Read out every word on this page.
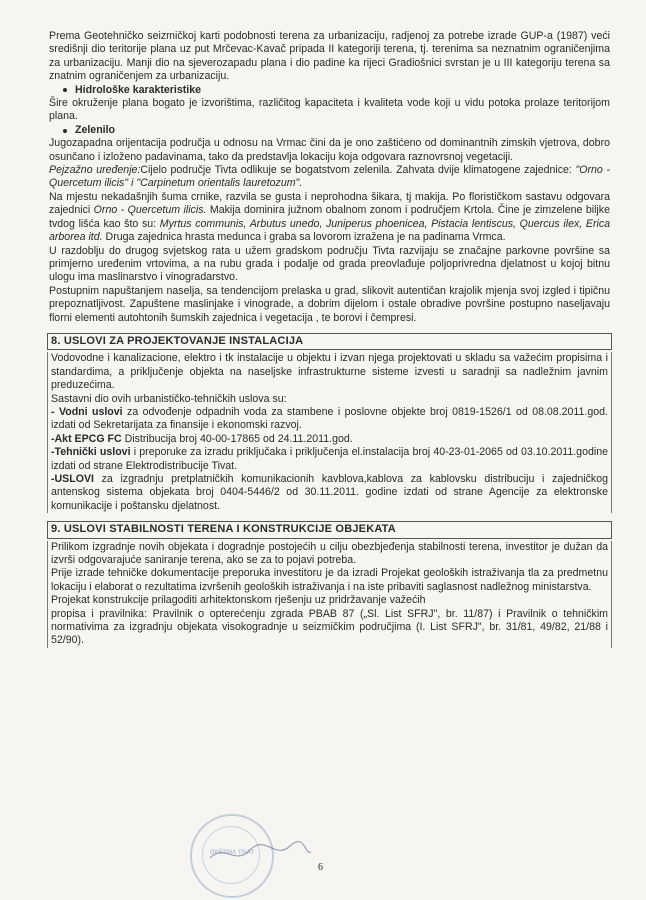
Prema Geotehničko seizmičkoj karti podobnosti terena za urbanizaciju, radjenoj za potrebe izrade GUP-a (1987) veći središnji dio teritorije plana uz put Mrčevac-Kavač pripada II kategoriji terena, tj. terenima sa neznatnim ograničenjima za urbanizaciju. Manji dio na sjeverozapadu plana i dio padine ka rijeci Gradiošnici svrstan je u III kategoriju terena sa znatnim ograničenjem za urbanizaciju.

Hidrološke karakteristike

Šire okruženje plana bogato je izvorištima, različitog kapaciteta i kvaliteta vode koji u vidu potoka prolaze teritorijom plana.

Zelenilo

Jugozapadna orijentacija područja u odnosu na Vrmac čini da je ono zaštićeno od dominantnih zimskih vjetrova, dobro osunčano i izloženo padavinama, tako da predstavlja lokaciju koja odgovara raznovrsnoj vegetaciji.

Pejzažno uređenje:Cijelo područje Tivta odlikuje se bogatstvom zelenila. Zahvata dvije klimatogene zajednice: "Orno - Quercetum ilicis" i "Carpinetum orientalis lauretozum".

Na mjestu nekadašnjih šuma crnike, razvila se gusta i neprohodna šikara, tj makija. Po florističkom sastavu odgovara zajednici Orno - Quercetum ilicis. Makija dominira južnom obalnom zonom i područjem Krtola. Čine je zimzelene biljke tvdog lišća kao što su: Myrtus communis, Arbutus unedo, Juniperus phoenicea, Pistacia lentiscus, Quercus ilex, Erica arborea itd. Druga zajednica hrasta medunca i graba sa lovorom izražena je na padinama Vrmca.

U razdoblju do drugog svjetskog rata u užem gradskom području Tivta razvijaju se značajne parkovne površine sa primjerno uređenim vrtovima, a na rubu grada i podalje od grada preovlađuje poljoprivredna djelatnost u kojoj bitnu ulogu ima maslinarstvo i vinogradarstvo.

Postupnim napuštanjem naselja, sa tendencijom prelaska u grad, slikovit autentičan krajolik mjenja svoj izgled i tipičnu prepoznatljivost. Zapuštene maslinjake i vinograde, a dobrim dijelom i ostale obradive površine postupno naseljavaju florni elementi autohtonih šumskih zajednica i vegetacija , te borovi i čempresi.

8. USLOVI ZA PROJEKTOVANJE INSTALACIJA

Vodovodne i kanalizacione, elektro i tk instalacije u objektu i izvan njega projektovati u skladu sa važećim propisima i standardima, a priključenje objekta na naseljske infrastrukturne sisteme izvesti u saradnji sa nadležnim javnim preduzećima.

Sastavni dio ovih urbanističko-tehničkih uslova su:

- Vodni uslovi za odvođenje odpadnih voda za stambene i poslovne objekte broj 0819-1526/1 od 08.08.2011.god. izdati od Sekretarijata za finansije i ekonomski razvoj.

-Akt EPCG FC Distribucija broj 40-00-17865 od 24.11.2011.god.

-Tehnički uslovi i preporuke za izradu priključaka i priključenja el.instalacija broj 40-23-01-2065 od 03.10.2011.godine izdati od strane Elektrodistribucije Tivat.

-USLOVI za izgradnju pretplatničkih komunikacionih kavblova,kablova za kablovsku distribuciju i zajedničkog antenskog sistema objekata broj 0404-5446/2 od 30.11.2011. godine izdati od strane Agencije za elektronske komunikacije i poštansku djelatnost.

9. USLOVI STABILNOSTI TERENA I KONSTRUKCIJE OBJEKATA

Prilikom izgradnje novih objekata i dogradnje postojećih u cilju obezbjeđenja stabilnosti terena, investitor je dužan da izvrši odgovarajuće saniranje terena, ako se za to pojavi potreba.

Prije izrade tehničke dokumentacije preporuka investitoru je da izradi Projekat geoloških istraživanja tla za predmetnu lokaciju i elaborat o rezultatima izvršenih geoloških istraživanja i na iste pribaviti saglasnost nadležnog ministarstva.

Projekat konstrukcije prilagoditi arhitektonskom rješenju uz pridržavanje važećih

propisa i pravilnika: Pravilnik o opterećenju zgrada PBAB 87 („Sl. List SFRJ", br. 11/87) i Pravilnik o tehničkim normativima za izgradnju objekata visokogradnje u seizmičkim područjima (I. List SFRJ", br. 31/81, 49/82, 21/88 i 52/90).

OPŠTINA TIVAT
6
